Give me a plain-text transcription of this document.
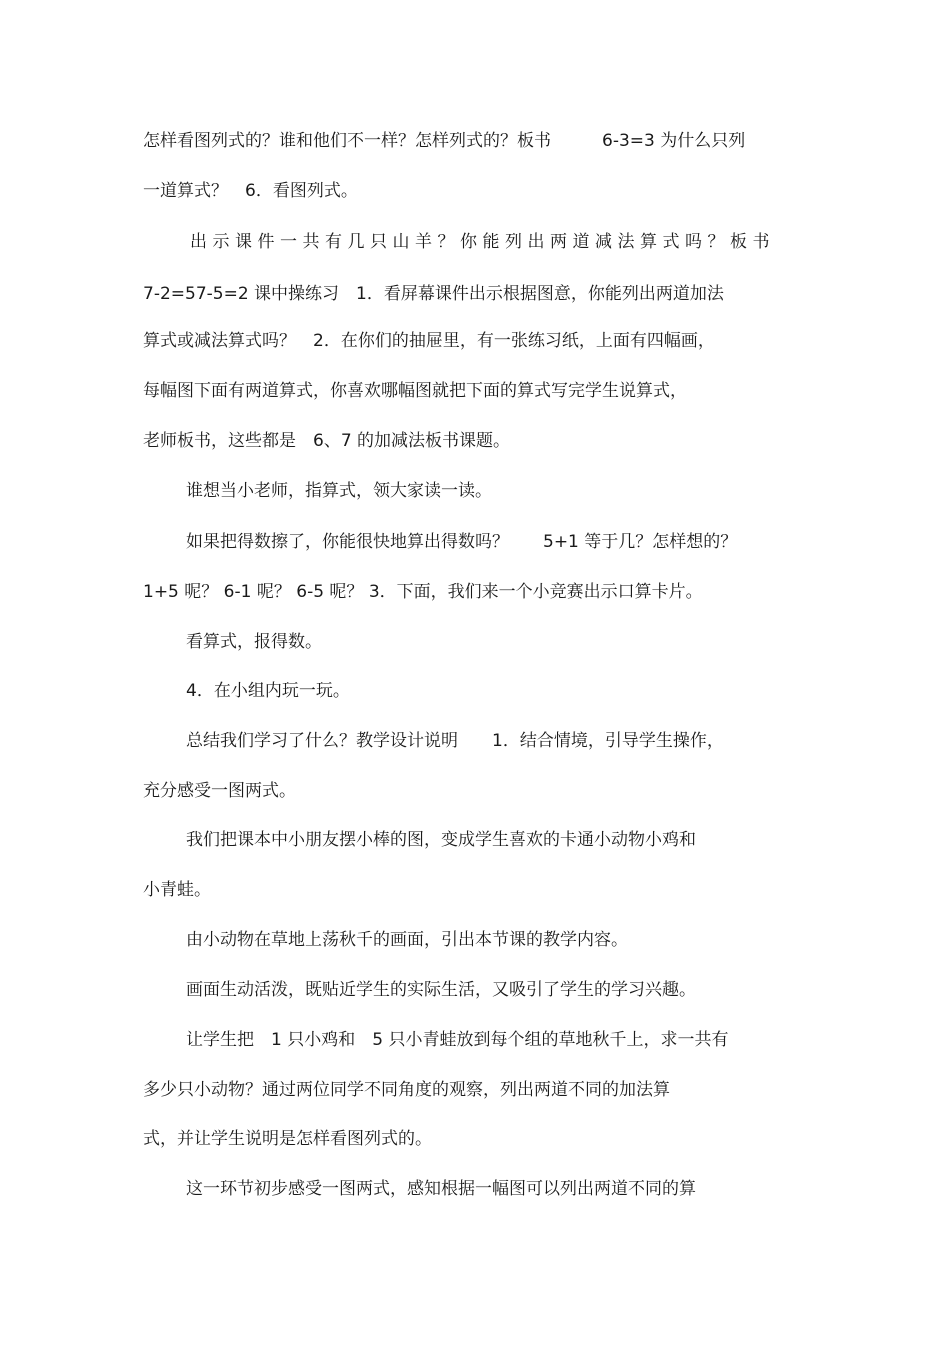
怎样看图列式的？谁和他们不一样？怎样列式的？板书　　　6-3=3 为什么只列
一道算式？　6．看图列式。
出示课件一共有几只山羊？你能列出两道减法算式吗？板书
7-2=57-5=2 课中操练习　1．看屏幕课件出示根据图意，你能列出两道加法
算式或减法算式吗？　2．在你们的抽屉里，有一张练习纸，上面有四幅画，
每幅图下面有两道算式，你喜欢哪幅图就把下面的算式写完学生说算式，
老师板书，这些都是　6、7 的加减法板书课题。
谁想当小老师，指算式，领大家读一读。
如果把得数擦了，你能很快地算出得数吗？　　5+1 等于几？怎样想的？
1+5 呢？ 6-1 呢？ 6-5 呢？ 3．下面，我们来一个小竞赛出示口算卡片。
看算式，报得数。
4．在小组内玩一玩。
总结我们学习了什么？教学设计说明　　1．结合情境，引导学生操作，
充分感受一图两式。
我们把课本中小朋友摆小棒的图，变成学生喜欢的卡通小动物小鸡和
小青蛙。
由小动物在草地上荡秋千的画面，引出本节课的教学内容。
画面生动活泼，既贴近学生的实际生活，又吸引了学生的学习兴趣。
让学生把　1 只小鸡和　5 只小青蛙放到每个组的草地秋千上，求一共有
多少只小动物？通过两位同学不同角度的观察，列出两道不同的加法算
式，并让学生说明是怎样看图列式的。
这一环节初步感受一图两式，感知根据一幅图可以列出两道不同的算
